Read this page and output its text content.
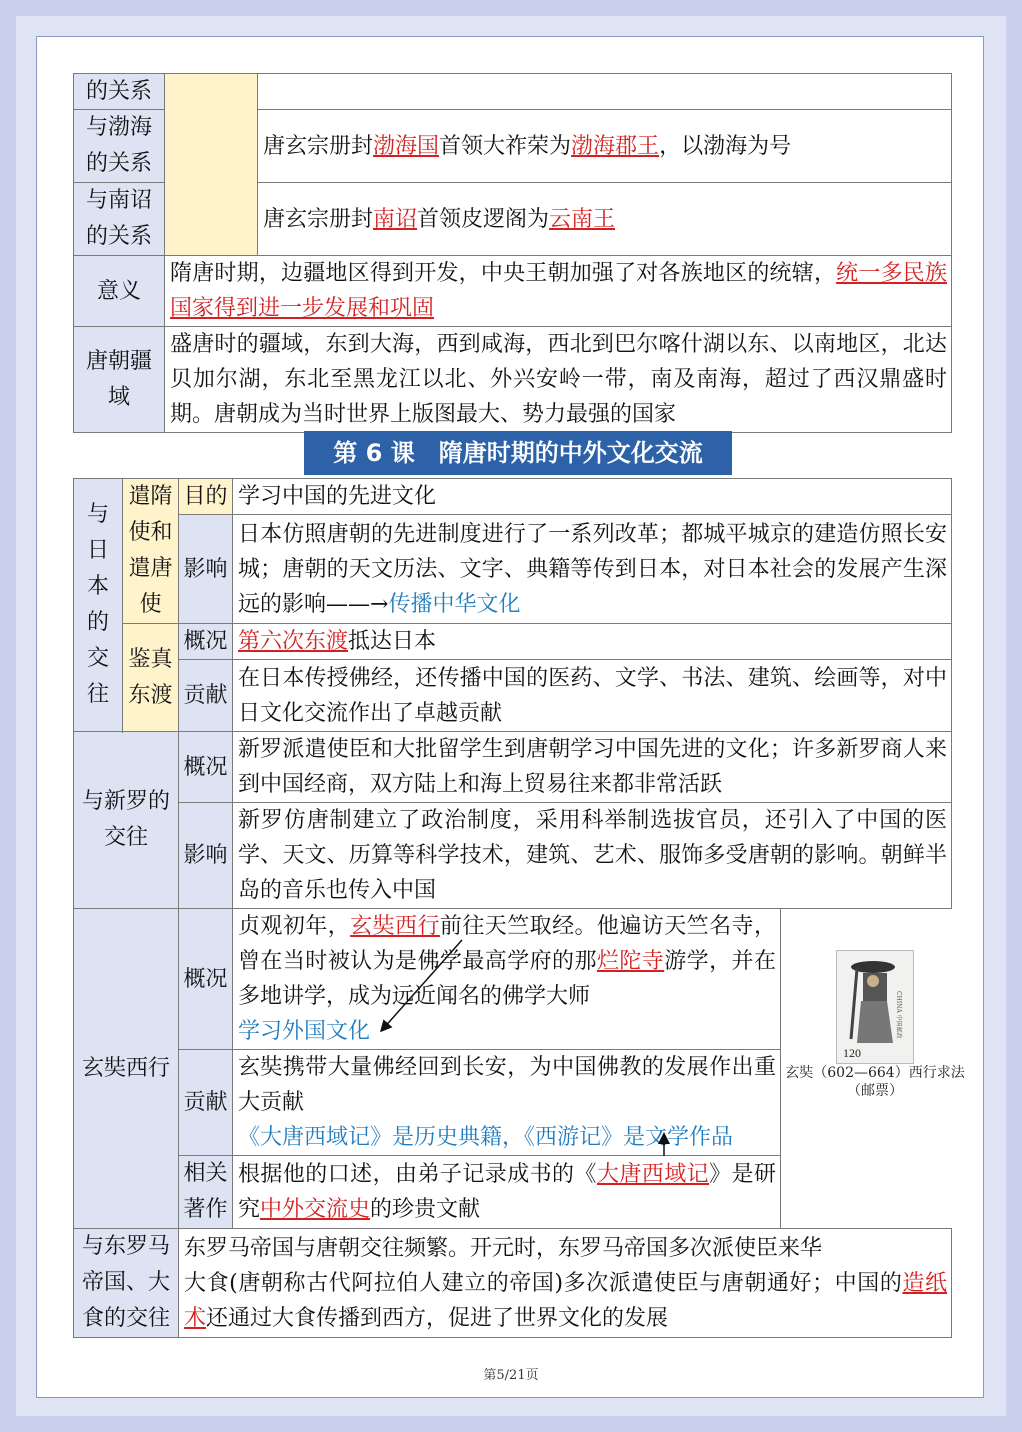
的关系		
与渤海的关系		唐玄宗册封渤海国首领大祚荣为渤海郡王，以渤海为号
与南诏的关系		唐玄宗册封南诏首领皮逻阁为云南王
意义	隋唐时期，边疆地区得到开发，中央王朝加强了对各族地区的统辖，统一多民族国家得到进一步发展和巩固	
唐朝疆域	盛唐时的疆域，东到大海，西到咸海，西北到巴尔喀什湖以东、以南地区，北达贝加尔湖，东北至黑龙江以北、外兴安岭一带，南及南海，超过了西汉鼎盛时期。唐朝成为当时世界上版图最大、势力最强的国家	
第 6 课　隋唐时期的中外文化交流
与日本的交往	遣隋使和遣唐使	目的	学习中国的先进文化	
		影响	日本仿照唐朝的先进制度进行了一系列改革；都城平城京的建造仿照长安城；唐朝的天文历法、文字、典籍等传到日本，对日本社会的发展产生深远的影响——→传播中华文化	

	鉴真东渡	概况	第六次东渡抵达日本	
		贡献	在日本传授佛经，还传播中国的医药、文学、书法、建筑、绘画等，对中日文化交流作出了卓越贡献	

与新罗的交往		概况	新罗派遣使臣和大批留学生到唐朝学习中国先进的文化；许多新罗商人来到中国经商，双方陆上和海上贸易往来都非常活跃	
		影响	新罗仿唐制建立了政治制度，采用科举制选拔官员，还引入了中国的医学、天文、历算等科学技术，建筑、艺术、服饰多受唐朝的影响。朝鲜半岛的音乐也传入中国	
玄奘西行		概况	贞观初年，玄奘西行前往天竺取经。他遍访天竺名寺，曾在当时被认为是佛学最高学府的那烂陀寺游学，并在多地讲学，成为远近闻名的佛学大师
学习外国文化	
		贡献	玄奘携带大量佛经回到长安，为中国佛教的发展作出重大贡献
《大唐西域记》是历史典籍，《西游记》是文学作品	
		相关著作	根据他的口述，由弟子记录成书的《大唐西域记》是研究中外交流史的珍贵文献	
与东罗马帝国、大食的交往		东罗马帝国与唐朝交往频繁。开元时，东罗马帝国多次派使臣来华
大食(唐朝称古代阿拉伯人建立的帝国)多次派遣使臣与唐朝通好；中国的造纸术还通过大食传播到西方，促进了世界文化的发展		
CHINA 中国邮政
120
玄奘（602—664）西行求法
（邮票）
第5/21页
